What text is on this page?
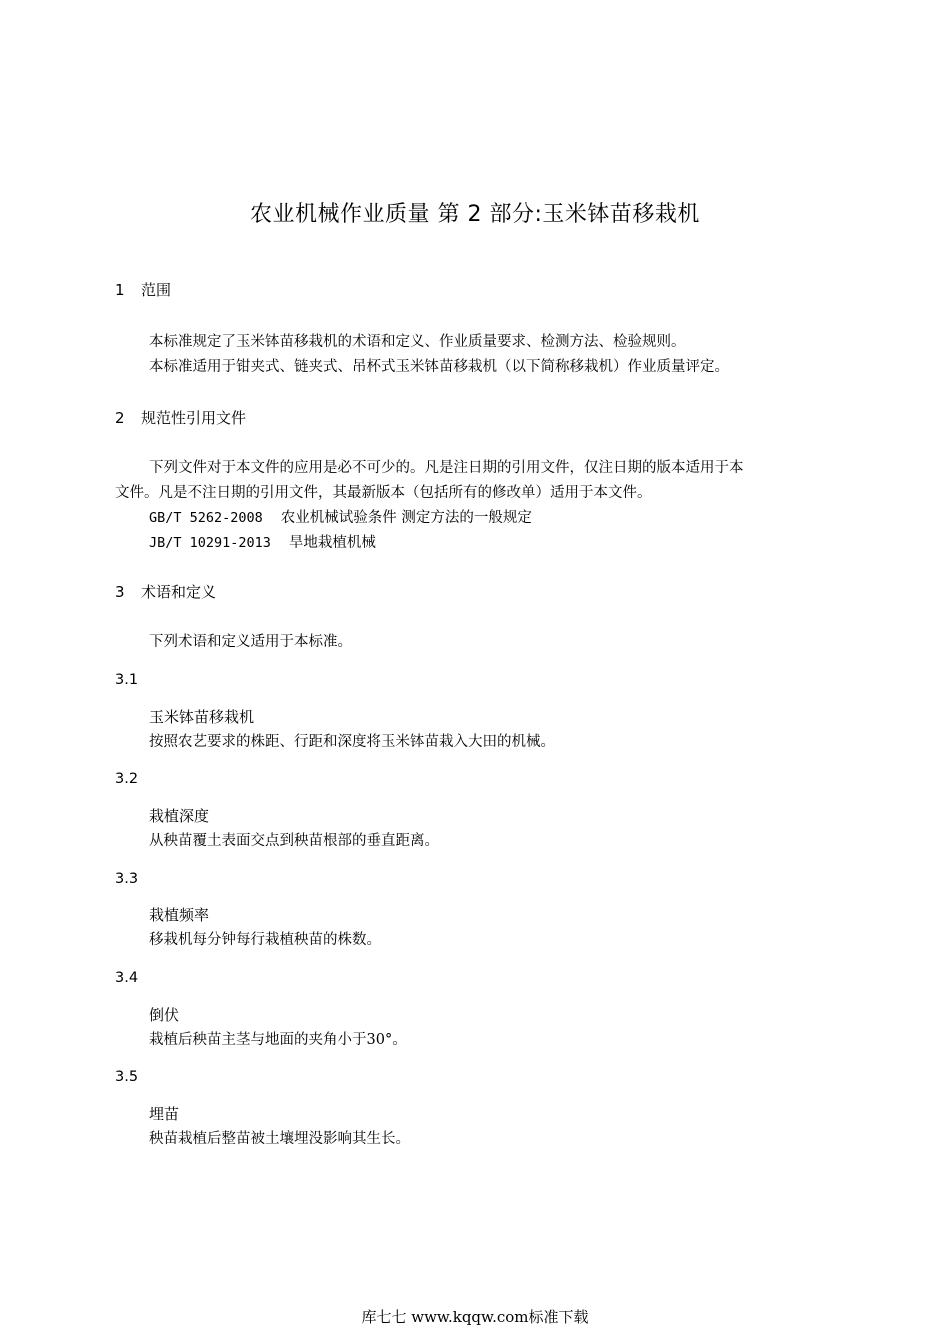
农业机械作业质量 第 2 部分:玉米钵苗移栽机
1 范围
本标准规定了玉米钵苗移栽机的术语和定义、作业质量要求、检测方法、检验规则。
本标准适用于钳夹式、链夹式、吊杯式玉米钵苗移栽机（以下简称移栽机）作业质量评定。
2 规范性引用文件
下列文件对于本文件的应用是必不可少的。凡是注日期的引用文件，仅注日期的版本适用于本
文件。凡是不注日期的引用文件，其最新版本（包括所有的修改单）适用于本文件。
GB/T 5262-2008 农业机械试验条件 测定方法的一般规定
JB/T 10291-2013 旱地栽植机械
3 术语和定义
下列术语和定义适用于本标准。
3.1
玉米钵苗移栽机
按照农艺要求的株距、行距和深度将玉米钵苗栽入大田的机械。
3.2
栽植深度
从秧苗覆土表面交点到秧苗根部的垂直距离。
3.3
栽植频率
移栽机每分钟每行栽植秧苗的株数。
3.4
倒伏
栽植后秧苗主茎与地面的夹角小于30°。
3.5
埋苗
秧苗栽植后整苗被土壤埋没影响其生长。
库七七 www.kqqw.com标准下载
